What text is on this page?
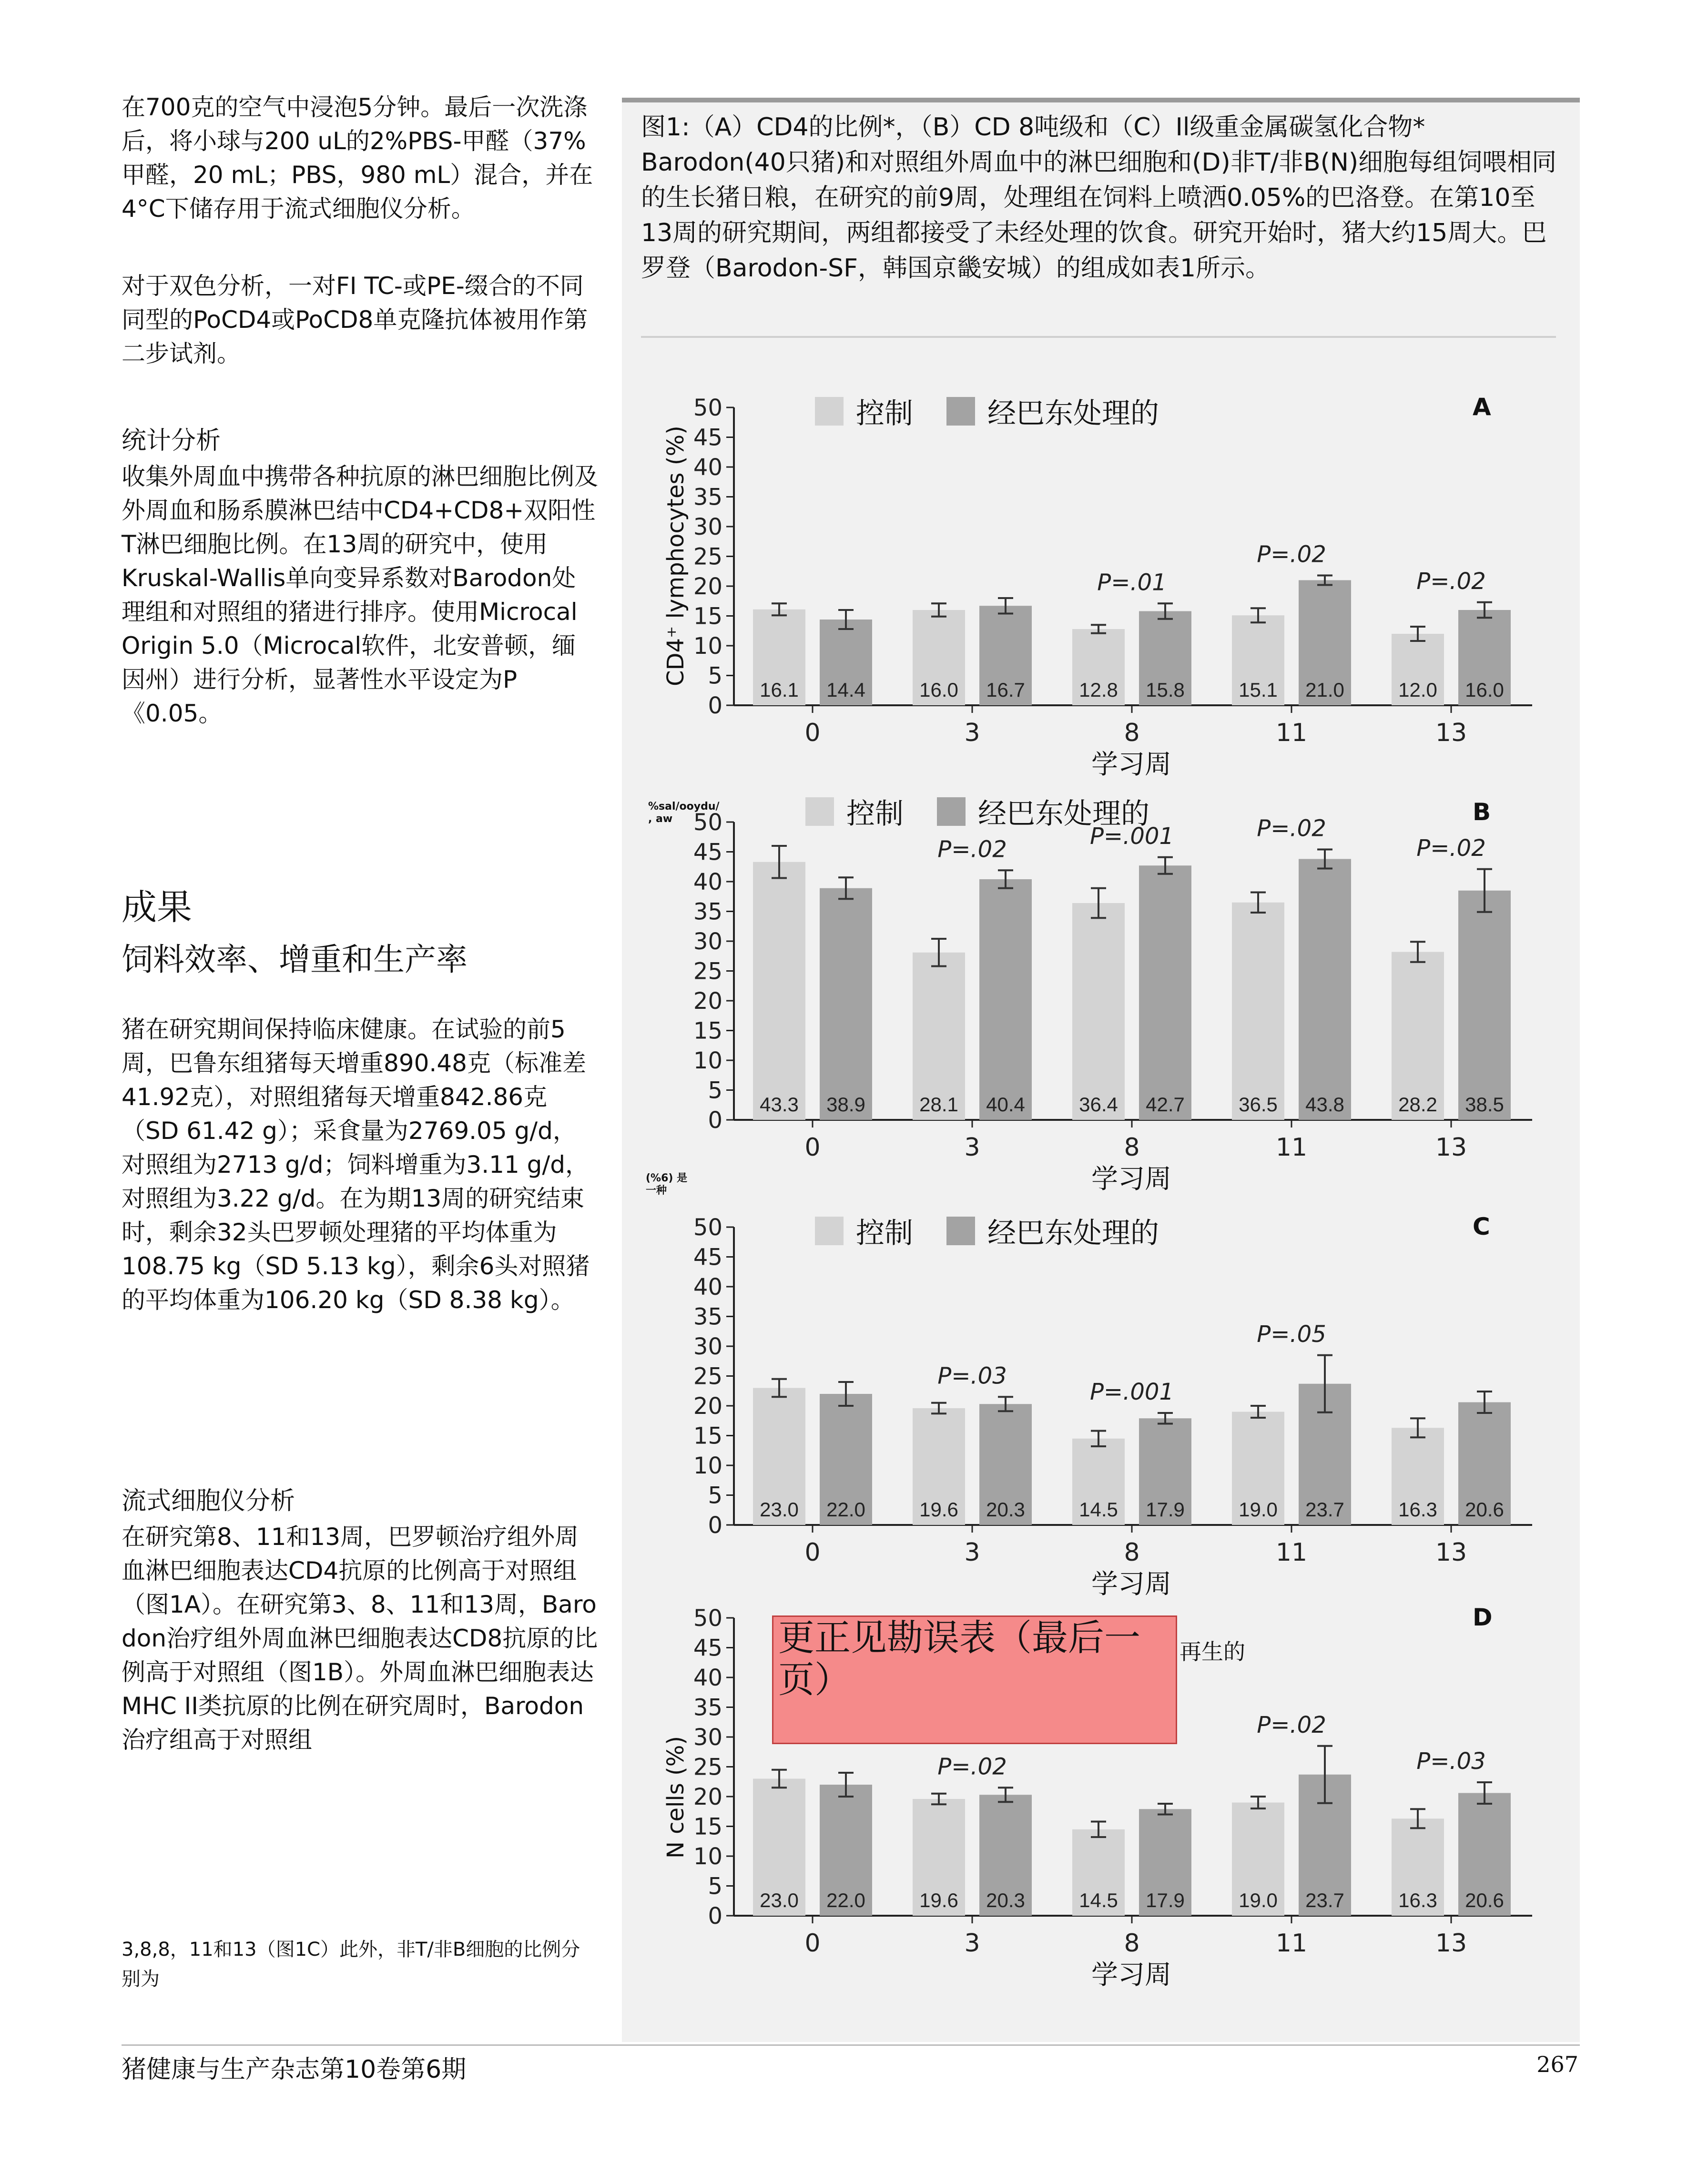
在700克的空气中浸泡5分钟。最后一次洗涤后，将小球与200 uL的2%PBS-甲醛（37%甲醛，20 mL；PBS，980 mL）混合，并在4°C下储存用于流式细胞仪分析。

对于双色分析，一对FI TC-或PE-缀合的不同同型的PoCD4或PoCD8单克隆抗体被用作第二步试剂。

统计分析

收集外周血中携带各种抗原的淋巴细胞比例及外周血和肠系膜淋巴结中CD4+CD8+双阳性T淋巴细胞比例。在13周的研究中，使用Kruskal-Wallis单向变异系数对Barodon处理组和对照组的猪进行排序。使用Microcal Origin 5.0（Microcal软件，北安普顿，缅因州）进行分析，显著性水平设定为P《0.05。

成果
饲料效率、增重和生产率

猪在研究期间保持临床健康。在试验的前5周，巴鲁东组猪每天增重890.48克（标准差41.92克），对照组猪每天增重842.86克（SD 61.42 g）；采食量为2769.05 g/d，对照组为2713 g/d；饲料增重为3.11 g/d，对照组为3.22 g/d。在为期13周的研究结束时，剩余32头巴罗顿处理猪的平均体重为108.75 kg（SD 5.13 kg），剩余6头对照猪的平均体重为106.20 kg（SD 8.38 kg）。

流式细胞仪分析

在研究第8、11和13周，巴罗顿治疗组外周血淋巴细胞表达CD4抗原的比例高于对照组（图1A）。在研究第3、8、11和13周，Baro don治疗组外周血淋巴细胞表达CD8抗原的比例高于对照组（图1B）。外周血淋巴细胞表达MHC II类抗原的比例在研究周时，Barodon治疗组高于对照组

3,8,8，11和13（图1C）此外，非T/非B细胞的比例分别为

猪健康与生产杂志第10卷第6期	267

图1:（A）CD4的比例*，（B）CD 8吨级和（C）Il级重金属碳氢化合物* Barodon(40只猪)和对照组外周血中的淋巴细胞和(D)非T/非B(N)细胞每组饲喂相同的生长猪日粮，在研究的前9周，处理组在饲料上喷洒0.05%的巴洛登。在第10至13周的研究期间，两组都接受了未经处理的饮食。研究开始时，猪大约15周大。巴罗登（Barodon-SF，韩国京畿安城）的组成如表1所示。

0
5
10
15
20
25
30
35
40
45
50
0
16.1 14.4
3
16.0 16.7
8
12.8 15.8
P=.01
11
15.1 21.0
P=.02
13
12.0 16.0
P=.02
控制	经巴东处理的	A
CD4⁺ lymphocytes (%)
学习周
0
5
10
15
20
25
30
35
40
45
50
0
43.3 38.9
3
28.1 40.4
P=.02
8
36.4 42.7
P=.001
11
36.5 43.8
P=.02
13
28.2 38.5
P=.02
控制	经巴东处理的	B
%sal/ooydu/ , aw
学习周
0
5
10
15
20
25
30
35
40
45
50
0
23.0 22.0
3
19.6 20.3
P=.03
8
14.5 17.9
P=.001
11
19.0 23.7
P=.05
13
16.3 20.6
控制	经巴东处理的	C
(%6) 是一种
学习周
0
5
10
15
20
25
30
35
40
45
50
0
23.0 22.0
3
19.6 20.3
P=.02
8
14.5 17.9
11
19.0 23.7
P=.02
13
16.3 20.6
P=.03
D
N cells (%)
学习周
更正见勘误表（最后一页）
再生的
